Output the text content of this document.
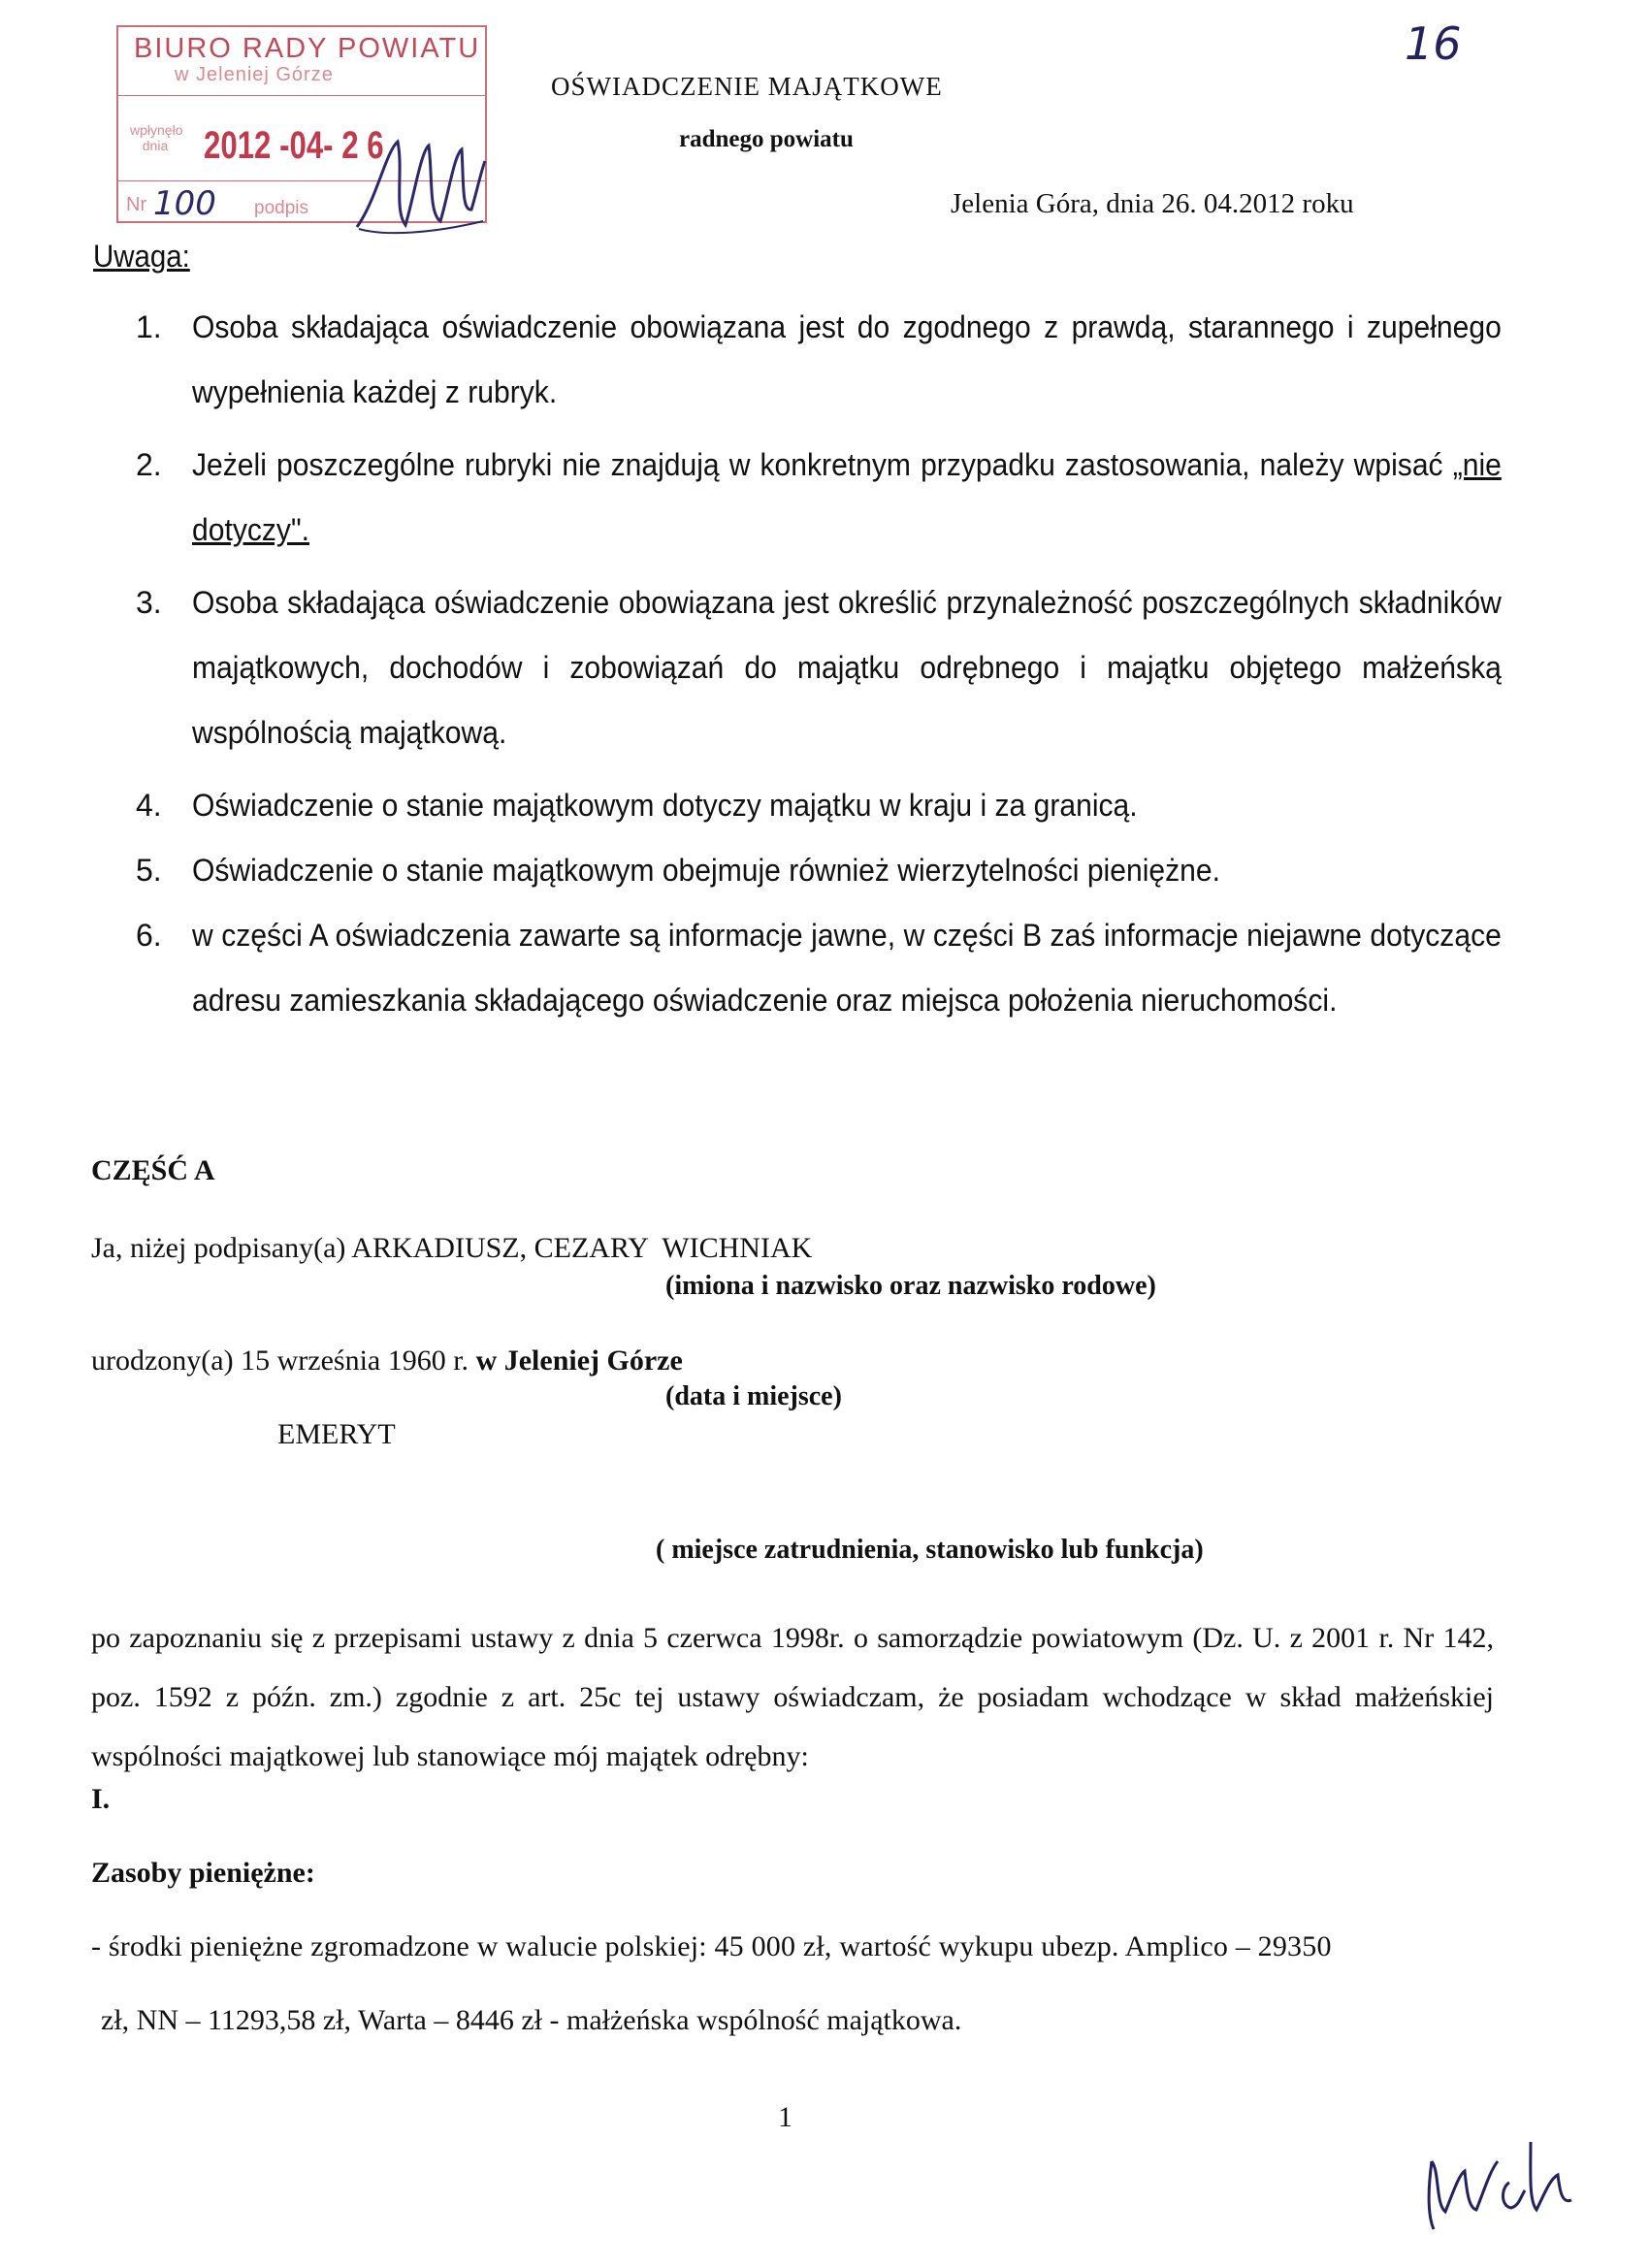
BIURO RADY POWIATU
w Jeleniej Górze
wpłynęło dnia 2012 -04- 2 6
Nr 100 podpis
16
OŚWIADCZENIE MAJĄTKOWE
radnego powiatu
Jelenia Góra, dnia 26. 04.2012 roku
Uwaga:
1. Osoba składająca oświadczenie obowiązana jest do zgodnego z prawdą, starannego i zupełnego wypełnienia każdej z rubryk.
2. Jeżeli poszczególne rubryki nie znajdują w konkretnym przypadku zastosowania, należy wpisać „nie dotyczy".
3. Osoba składająca oświadczenie obowiązana jest określić przynależność poszczególnych składników majątkowych, dochodów i zobowiązań do majątku odrębnego i majątku objętego małżeńską wspólnością majątkową.
4. Oświadczenie o stanie majątkowym dotyczy majątku w kraju i za granicą.
5. Oświadczenie o stanie majątkowym obejmuje również wierzytelności pieniężne.
6. w części A oświadczenia zawarte są informacje jawne, w części B zaś informacje niejawne dotyczące adresu zamieszkania składającego oświadczenie oraz miejsca położenia nieruchomości.
CZĘŚĆ A
Ja, niżej podpisany(a) ARKADIUSZ, CEZARY  WICHNIAK
(imiona i nazwisko oraz nazwisko rodowe)
urodzony(a) 15 września 1960 r. w Jeleniej Górze
(data i miejsce)
EMERYT
( miejsce zatrudnienia, stanowisko lub funkcja)
po zapoznaniu się z przepisami ustawy z dnia 5 czerwca 1998r. o samorządzie powiatowym (Dz. U. z 2001 r. Nr 142, poz. 1592 z późn. zm.) zgodnie z art. 25c tej ustawy oświadczam, że posiadam wchodzące w skład małżeńskiej wspólności majątkowej lub stanowiące mój majątek odrębny:
I.
Zasoby pieniężne:
- środki pieniężne zgromadzone w walucie polskiej: 45 000 zł, wartość wykupu ubezp. Amplico – 29350
zł, NN – 11293,58 zł, Warta – 8446 zł - małżeńska wspólność majątkowa.
1
